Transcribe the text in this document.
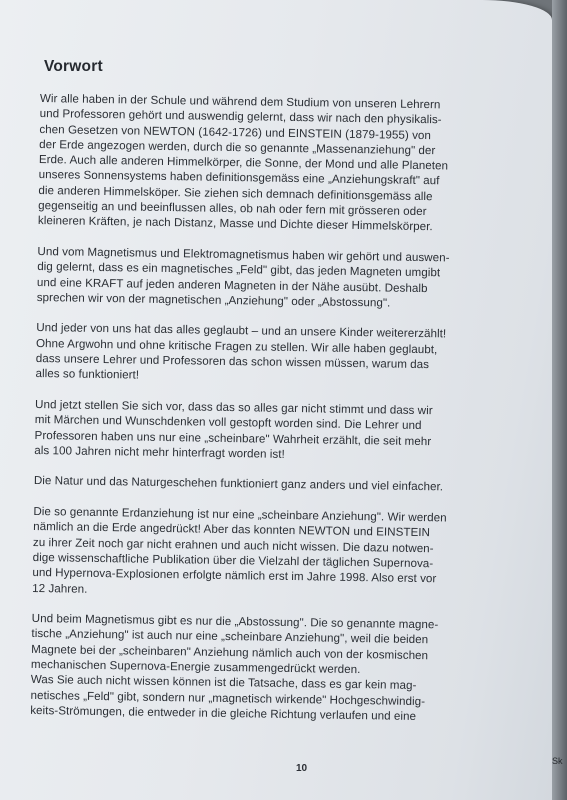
Vorwort

Wir alle haben in der Schule und während dem Studium von unseren Lehrern
und Professoren gehört und auswendig gelernt, dass wir nach den physikalis-
chen Gesetzen von NEWTON (1642-1726) und EINSTEIN (1879-1955) von
der Erde angezogen werden, durch die so genannte „Massenanziehung" der
Erde. Auch alle anderen Himmelkörper, die Sonne, der Mond und alle Planeten
unseres Sonnensystems haben definitionsgemäss eine „Anziehungskraft" auf
die anderen Himmelsköper. Sie ziehen sich demnach definitionsgemäss alle
gegenseitig an und beeinflussen alles, ob nah oder fern mit grösseren oder
kleineren Kräften, je nach Distanz, Masse und Dichte dieser Himmelskörper.

Und vom Magnetismus und Elektromagnetismus haben wir gehört und auswen-
dig gelernt, dass es ein magnetisches „Feld" gibt, das jeden Magneten umgibt
und eine KRAFT auf jeden anderen Magneten in der Nähe ausübt. Deshalb
sprechen wir von der magnetischen „Anziehung" oder „Abstossung".

Und jeder von uns hat das alles geglaubt – und an unsere Kinder weitererzählt!
Ohne Argwohn und ohne kritische Fragen zu stellen. Wir alle haben geglaubt,
dass unsere Lehrer und Professoren das schon wissen müssen, warum das
alles so funktioniert!

Und jetzt stellen Sie sich vor, dass das so alles gar nicht stimmt und dass wir
mit Märchen und Wunschdenken voll gestopft worden sind. Die Lehrer und
Professoren haben uns nur eine „scheinbare" Wahrheit erzählt, die seit mehr
als 100 Jahren nicht mehr hinterfragt worden ist!

Die Natur und das Naturgeschehen funktioniert ganz anders und viel einfacher.

Die so genannte Erdanziehung ist nur eine „scheinbare Anziehung". Wir werden
nämlich an die Erde angedrückt! Aber das konnten NEWTON und EINSTEIN
zu ihrer Zeit noch gar nicht erahnen und auch nicht wissen. Die dazu notwen-
dige wissenschaftliche Publikation über die Vielzahl der täglichen Supernova-
und Hypernova-Explosionen erfolgte nämlich erst im Jahre 1998. Also erst vor
12 Jahren.

Und beim Magnetismus gibt es nur die „Abstossung". Die so genannte magne-
tische „Anziehung" ist auch nur eine „scheinbare Anziehung", weil die beiden
Magnete bei der „scheinbaren" Anziehung nämlich auch von der kosmischen
mechanischen Supernova-Energie zusammengedrückt werden.
Was Sie auch nicht wissen können ist die Tatsache, dass es gar kein mag-
netisches „Feld" gibt, sondern nur „magnetisch wirkende" Hochgeschwindig-
keits-Strömungen, die entweder in die gleiche Richtung verlaufen und eine

10
Sk
